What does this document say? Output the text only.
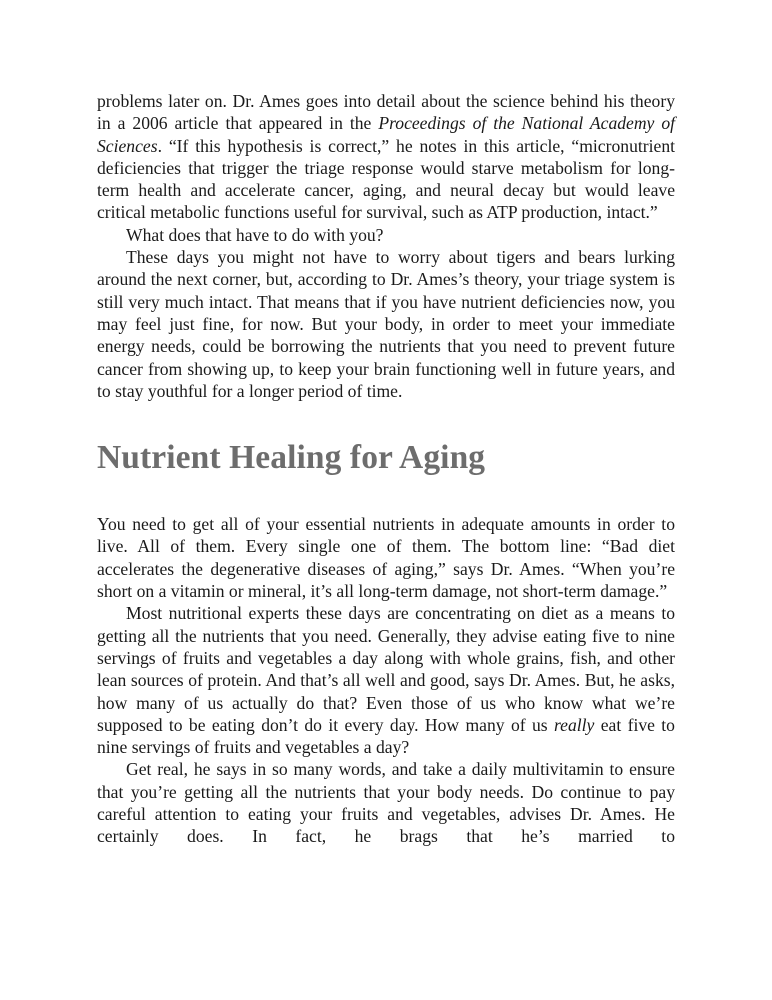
problems later on. Dr. Ames goes into detail about the science behind his theory in a 2006 article that appeared in the Proceedings of the National Academy of Sciences. “If this hypothesis is correct,” he notes in this article, “micronutrient deficiencies that trigger the triage response would starve metabolism for long-term health and accelerate cancer, aging, and neural decay but would leave critical metabolic functions useful for survival, such as ATP production, intact.”

What does that have to do with you?

These days you might not have to worry about tigers and bears lurking around the next corner, but, according to Dr. Ames’s theory, your triage system is still very much intact. That means that if you have nutrient deficiencies now, you may feel just fine, for now. But your body, in order to meet your immediate energy needs, could be borrowing the nutrients that you need to prevent future cancer from showing up, to keep your brain functioning well in future years, and to stay youthful for a longer period of time.

Nutrient Healing for Aging

You need to get all of your essential nutrients in adequate amounts in order to live. All of them. Every single one of them. The bottom line: “Bad diet accelerates the degenerative diseases of aging,” says Dr. Ames. “When you’re short on a vitamin or mineral, it’s all long-term damage, not short-term damage.”

Most nutritional experts these days are concentrating on diet as a means to getting all the nutrients that you need. Generally, they advise eating five to nine servings of fruits and vegetables a day along with whole grains, fish, and other lean sources of protein. And that’s all well and good, says Dr. Ames. But, he asks, how many of us actually do that? Even those of us who know what we’re supposed to be eating don’t do it every day. How many of us really eat five to nine servings of fruits and vegetables a day?

Get real, he says in so many words, and take a daily multivitamin to ensure that you’re getting all the nutrients that your body needs. Do continue to pay careful attention to eating your fruits and vegetables, advises Dr. Ames. He certainly does. In fact, he brags that he’s married to
